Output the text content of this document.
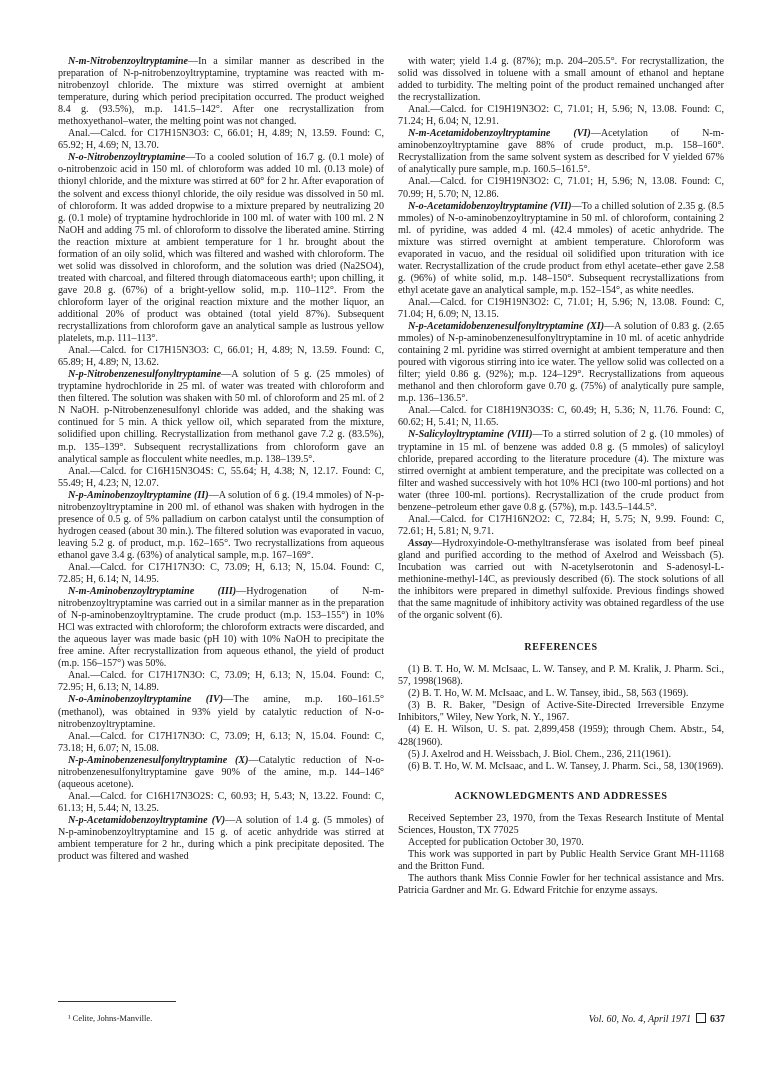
N-m-Nitrobenzoyltryptamine—In a similar manner as described in the preparation of N-p-nitrobenzoyltryptamine, tryptamine was reacted with m-nitrobenzoyl chloride. The mixture was stirred overnight at ambient temperature, during which period precipitation occurred. The product weighed 8.4 g. (93.5%), m.p. 141.5–142°. After one recrystallization from methoxyethanol–water, the melting point was not changed.

Anal.—Calcd. for C17H15N3O3: C, 66.01; H, 4.89; N, 13.59. Found: C, 65.92; H, 4.69; N, 13.70.

N-o-Nitrobenzoyltryptamine—To a cooled solution of 16.7 g. (0.1 mole) of o-nitrobenzoic acid in 150 ml. of chloroform was added 10 ml. (0.13 mole) of thionyl chloride, and the mixture was stirred at 60° for 2 hr. After evaporation of the solvent and excess thionyl chloride, the oily residue was dissolved in 50 ml. of chloroform. It was added dropwise to a mixture prepared by neutralizing 20 g. (0.1 mole) of tryptamine hydrochloride in 100 ml. of water with 100 ml. 2 N NaOH and adding 75 ml. of chloroform to dissolve the liberated amine. Stirring the reaction mixture at ambient temperature for 1 hr. brought about the formation of an oily solid, which was filtered and washed with chloroform. The wet solid was dissolved in chloroform, and the solution was dried (Na2SO4), treated with charcoal, and filtered through diatomaceous earth¹; upon chilling, it gave 20.8 g. (67%) of a bright-yellow solid, m.p. 110–112°. From the chloroform layer of the original reaction mixture and the mother liquor, an additional 20% of product was obtained (total yield 87%). Subsequent recrystallizations from chloroform gave an analytical sample as lustrous yellow platelets, m.p. 111–113°.

Anal.—Calcd. for C17H15N3O3: C, 66.01; H, 4.89; N, 13.59. Found: C, 65.89; H, 4.89; N, 13.62.

N-p-Nitrobenzenesulfonyltryptamine—A solution of 5 g. (25 mmoles) of tryptamine hydrochloride in 25 ml. of water was treated with chloroform and then filtered. The solution was shaken with 50 ml. of chloroform and 25 ml. of 2 N NaOH. p-Nitrobenzenesulfonyl chloride was added, and the shaking was continued for 5 min. A thick yellow oil, which separated from the mixture, solidified upon chilling. Recrystallization from methanol gave 7.2 g. (83.5%), m.p. 135–139°. Subsequent recrystallizations from chloroform gave an analytical sample as flocculent white needles, m.p. 138–139.5°.

Anal.—Calcd. for C16H15N3O4S: C, 55.64; H, 4.38; N, 12.17. Found: C, 55.49; H, 4.23; N, 12.07.

N-p-Aminobenzoyltryptamine (II)—A solution of 6 g. (19.4 mmoles) of N-p-nitrobenzoyltryptamine in 200 ml. of ethanol was shaken with hydrogen in the presence of 0.5 g. of 5% palladium on carbon catalyst until the consumption of hydrogen ceased (about 30 min.). The filtered solution was evaporated in vacuo, leaving 5.2 g. of product, m.p. 162–165°. Two recrystallizations from aqueous ethanol gave 3.4 g. (63%) of analytical sample, m.p. 167–169°.

Anal.—Calcd. for C17H17N3O: C, 73.09; H, 6.13; N, 15.04. Found: C, 72.85; H, 6.14; N, 14.95.

N-m-Aminobenzoyltryptamine (III)—Hydrogenation of N-m-nitrobenzoyltryptamine was carried out in a similar manner as in the preparation of N-p-aminobenzoyltryptamine. The crude product (m.p. 153–155°) in 10% HCl was extracted with chloroform; the chloroform extracts were discarded, and the aqueous layer was made basic (pH 10) with 10% NaOH to precipitate the free amine. After recrystallization from aqueous ethanol, the yield of product (m.p. 156–157°) was 50%.

Anal.—Calcd. for C17H17N3O: C, 73.09; H, 6.13; N, 15.04. Found: C, 72.95; H, 6.13; N, 14.89.

N-o-Aminobenzoyltryptamine (IV)—The amine, m.p. 160–161.5° (methanol), was obtained in 93% yield by catalytic reduction of N-o-nitrobenzoyltryptamine.

Anal.—Calcd. for C17H17N3O: C, 73.09; H, 6.13; N, 15.04. Found: C, 73.18; H, 6.07; N, 15.08.

N-p-Aminobenzenesulfonyltryptamine (X)—Catalytic reduction of N-o-nitrobenzenesulfonyltryptamine gave 90% of the amine, m.p. 144–146° (aqueous acetone).

Anal.—Calcd. for C16H17N3O2S: C, 60.93; H, 5.43; N, 13.22. Found: C, 61.13; H, 5.44; N, 13.25.

N-p-Acetamidobenzoyltryptamine (V)—A solution of 1.4 g. (5 mmoles) of N-p-aminobenzoyltryptamine and 15 g. of acetic anhydride was stirred at ambient temperature for 2 hr., during which a pink precipitate deposited. The product was filtered and washed

with water; yield 1.4 g. (87%); m.p. 204–205.5°. For recrystallization, the solid was dissolved in toluene with a small amount of ethanol and heptane added to turbidity. The melting point of the product remained unchanged after the recrystallization.

Anal.—Calcd. for C19H19N3O2: C, 71.01; H, 5.96; N, 13.08. Found: C, 71.24; H, 6.04; N, 12.91.

N-m-Acetamidobenzoyltryptamine (VI)—Acetylation of N-m-aminobenzoyltryptamine gave 88% of crude product, m.p. 158–160°. Recrystallization from the same solvent system as described for V yielded 67% of analytically pure sample, m.p. 160.5–161.5°.

Anal.—Calcd. for C19H19N3O2: C, 71.01; H, 5.96; N, 13.08. Found: C, 70.99; H, 5.70; N, 12.86.

N-o-Acetamidobenzoyltryptamine (VII)—To a chilled solution of 2.35 g. (8.5 mmoles) of N-o-aminobenzoyltryptamine in 50 ml. of chloroform, containing 2 ml. of pyridine, was added 4 ml. (42.4 mmoles) of acetic anhydride. The mixture was stirred overnight at ambient temperature. Chloroform was evaporated in vacuo, and the residual oil solidified upon trituration with ice water. Recrystallization of the crude product from ethyl acetate–ether gave 2.58 g. (96%) of white solid, m.p. 148–150°. Subsequent recrystallizations from ethyl acetate gave an analytical sample, m.p. 152–154°, as white needles.

Anal.—Calcd. for C19H19N3O2: C, 71.01; H, 5.96; N, 13.08. Found: C, 71.04; H, 6.09; N, 13.15.

N-p-Acetamidobenzenesulfonyltryptamine (XI)—A solution of 0.83 g. (2.65 mmoles) of N-p-aminobenzenesulfonyltryptamine in 10 ml. of acetic anhydride containing 2 ml. pyridine was stirred overnight at ambient temperature and then poured with vigorous stirring into ice water. The yellow solid was collected on a filter; yield 0.86 g. (92%); m.p. 124–129°. Recrystallizations from aqueous methanol and then chloroform gave 0.70 g. (75%) of analytically pure sample, m.p. 136–136.5°.

Anal.—Calcd. for C18H19N3O3S: C, 60.49; H, 5.36; N, 11.76. Found: C, 60.62; H, 5.41; N, 11.65.

N-Salicyloyltryptamine (VIII)—To a stirred solution of 2 g. (10 mmoles) of tryptamine in 15 ml. of benzene was added 0.8 g. (5 mmoles) of salicyloyl chloride, prepared according to the literature procedure (4). The mixture was stirred overnight at ambient temperature, and the precipitate was collected on a filter and washed successively with hot 10% HCl (two 100-ml portions) and hot water (three 100-ml. portions). Recrystallization of the crude product from benzene–petroleum ether gave 0.8 g. (57%), m.p. 143.5–144.5°.

Anal.—Calcd. for C17H16N2O2: C, 72.84; H, 5.75; N, 9.99. Found: C, 72.61; H, 5.81; N, 9.71.

Assay—Hydroxyindole-O-methyltransferase was isolated from beef pineal gland and purified according to the method of Axelrod and Weissbach (5). Incubation was carried out with N-acetylserotonin and S-adenosyl-L-methionine-methyl-14C, as previously described (6). The stock solutions of all the inhibitors were prepared in dimethyl sulfoxide. Previous findings showed that the same magnitude of inhibitory activity was obtained regardless of the use of the organic solvent (6).

REFERENCES

(1) B. T. Ho, W. M. McIsaac, L. W. Tansey, and P. M. Kralik, J. Pharm. Sci., 57, 1998(1968).

(2) B. T. Ho, W. M. McIsaac, and L. W. Tansey, ibid., 58, 563 (1969).

(3) B. R. Baker, "Design of Active-Site-Directed Irreversible Enzyme Inhibitors," Wiley, New York, N. Y., 1967.

(4) E. H. Wilson, U. S. pat. 2,899,458 (1959); through Chem. Abstr., 54, 428(1960).

(5) J. Axelrod and H. Weissbach, J. Biol. Chem., 236, 211(1961).

(6) B. T. Ho, W. M. McIsaac, and L. W. Tansey, J. Pharm. Sci., 58, 130(1969).

ACKNOWLEDGMENTS AND ADDRESSES

Received September 23, 1970, from the Texas Research Institute of Mental Sciences, Houston, TX 77025

Accepted for publication October 30, 1970.

This work was supported in part by Public Health Service Grant MH-11168 and the Britton Fund.

The authors thank Miss Connie Fowler for her technical assistance and Mrs. Patricia Gardner and Mr. G. Edward Fritchie for enzyme assays.

¹ Celite, Johns-Manville.	Vol. 60, No. 4, April 1971 637
